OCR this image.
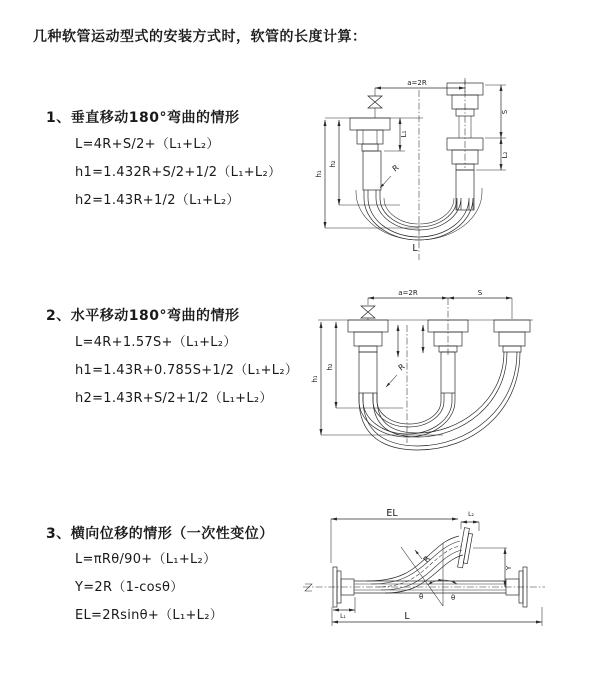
几种软管运动型式的安装方式时，软管的长度计算：
1、垂直移动180°弯曲的情形
L=4R+S/2+（L₁+L₂）
h1=1.432R+S/2+1/2（L₁+L₂）
h2=1.43R+1/2（L₁+L₂）
2、水平移动180°弯曲的情形
L=4R+1.57S+（L₁+L₂）
h1=1.43R+0.785S+1/2（L₁+L₂）
h2=1.43R+S/2+1/2（L₁+L₂）
3、横向位移的情形（一次性变位）
L=πRθ/90+（L₁+L₂）
Y=2R（1-cosθ）
EL=2Rsinθ+（L₁+L₂）
a=2R
L₁
S
L₂
h₁
h₂	R
L
a=2R	S
h₁
h₂	R
EL	L₂
Y
θ	θ
R
L₁	L
